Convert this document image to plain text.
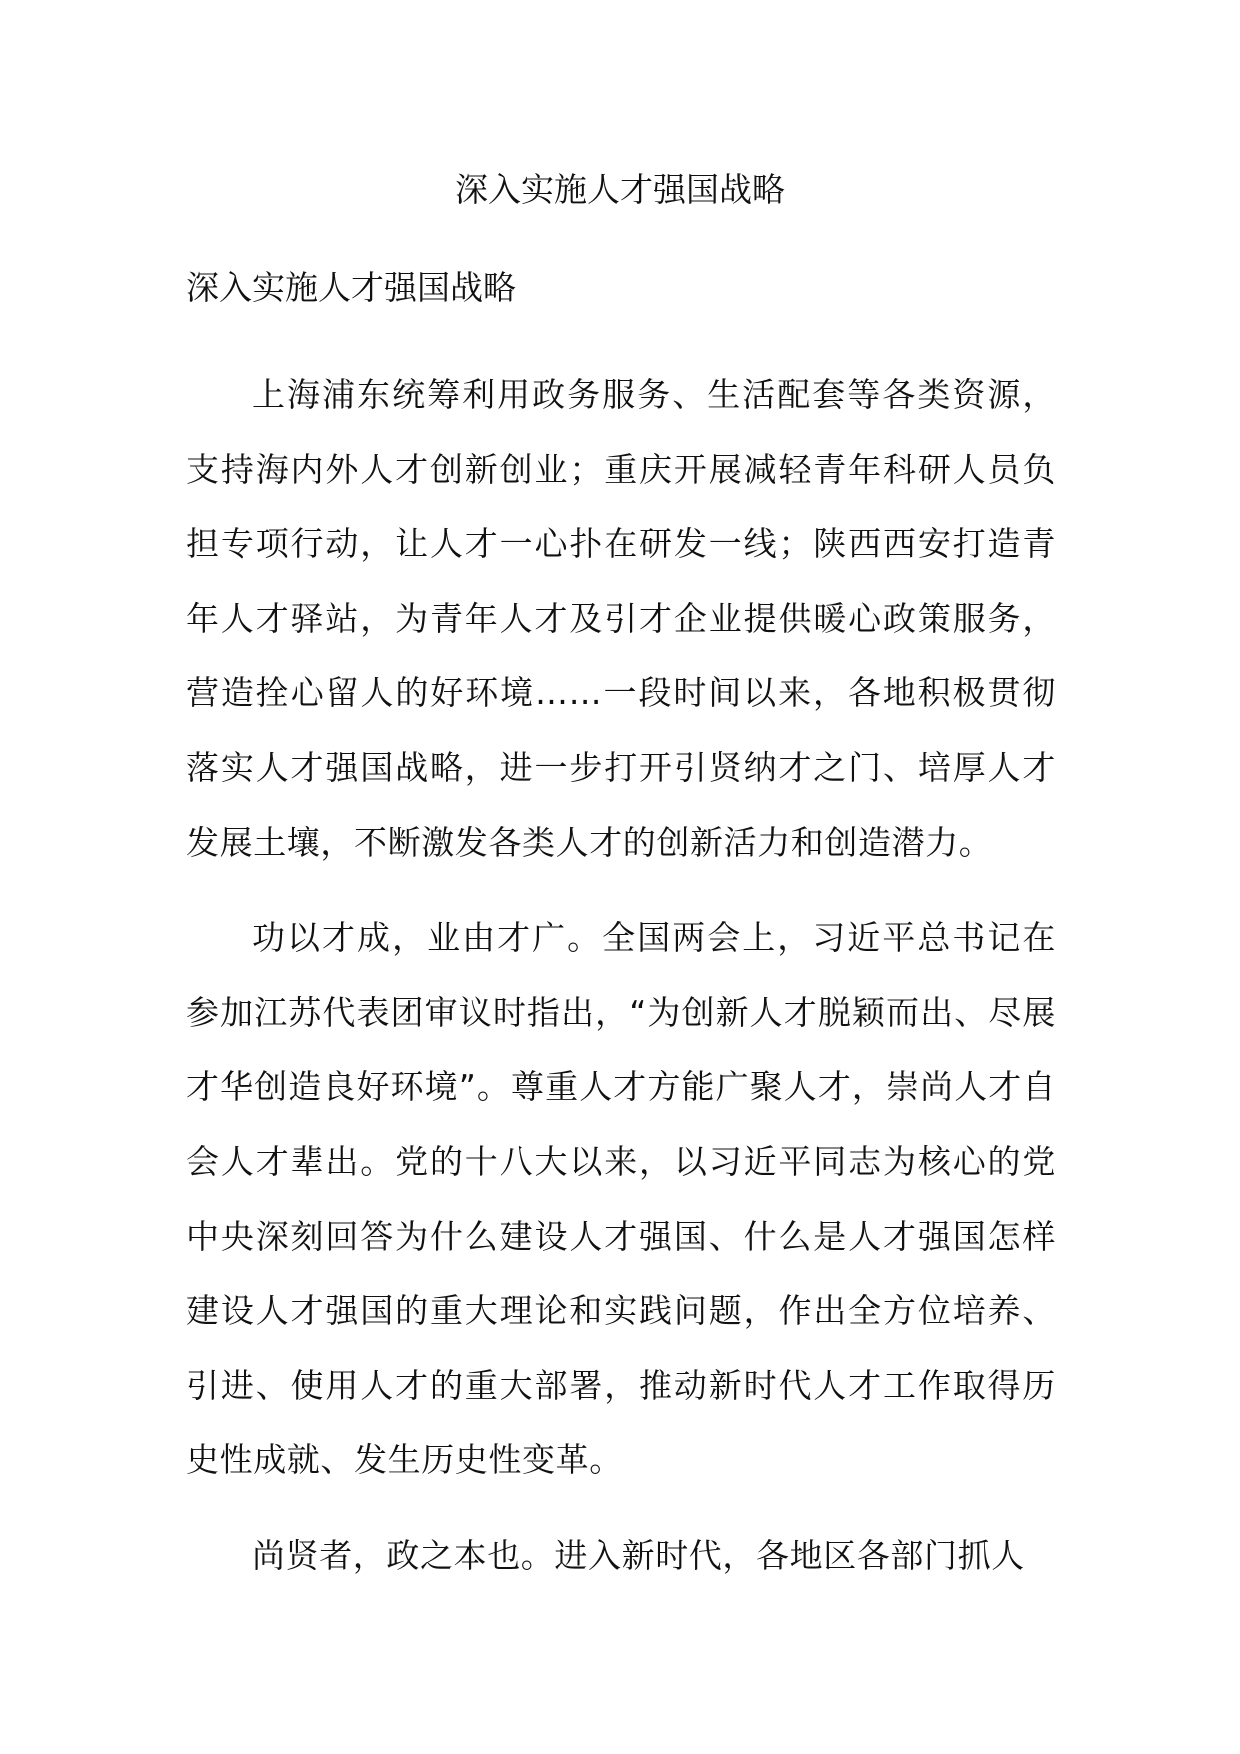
深入实施人才强国战略
深入实施人才强国战略

上海浦东统筹利用政务服务、生活配套等各类资源，支持海内外人才创新创业；重庆开展减轻青年科研人员负担专项行动，让人才一心扑在研发一线；陕西西安打造青年人才驿站，为青年人才及引才企业提供暖心政策服务，营造拴心留人的好环境……一段时间以来，各地积极贯彻落实人才强国战略，进一步打开引贤纳才之门、培厚人才发展土壤，不断激发各类人才的创新活力和创造潜力。

功以才成，业由才广。全国两会上，习近平总书记在参加江苏代表团审议时指出，“为创新人才脱颖而出、尽展才华创造良好环境”。尊重人才方能广聚人才，崇尚人才自会人才辈出。党的十八大以来，以习近平同志为核心的党中央深刻回答为什么建设人才强国、什么是人才强国怎样建设人才强国的重大理论和实践问题，作出全方位培养、引进、使用人才的重大部署，推动新时代人才工作取得历史性成就、发生历史性变革。

尚贤者，政之本也。进入新时代，各地区各部门抓人
